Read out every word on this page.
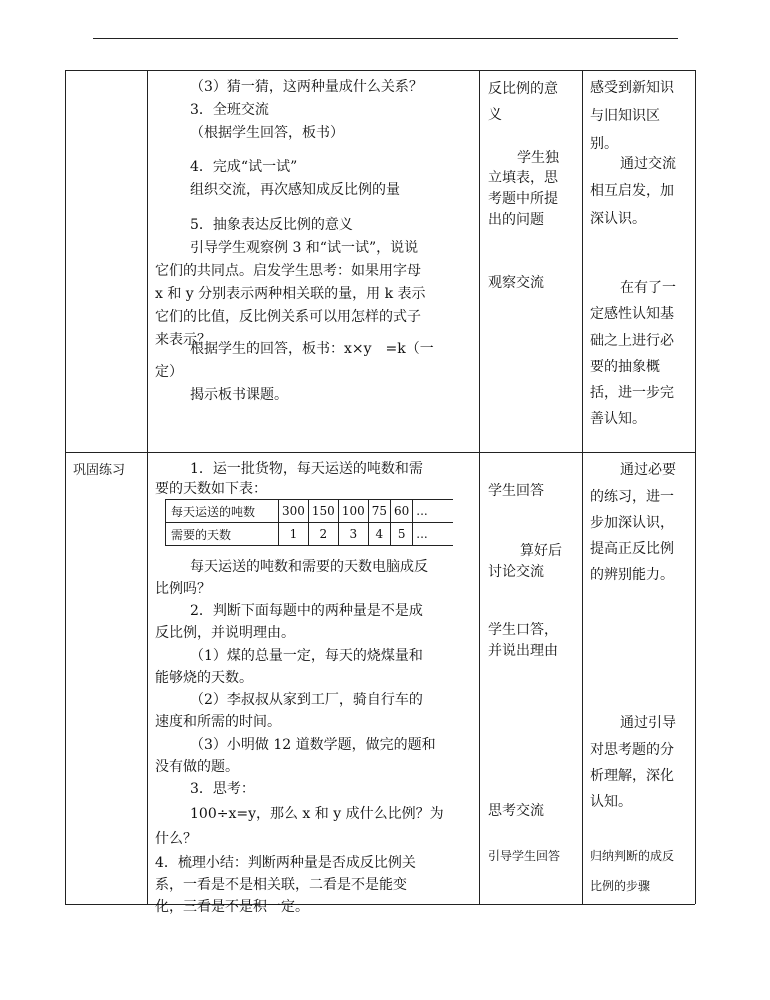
（3）猜一猜，这两种量成什么关系？
3．全班交流
（根据学生回答，板书）
4．完成“试一试”
组织交流，再次感知成反比例的量
5．抽象表达反比例的意义
引导学生观察例 3 和“试一试”，说说
它们的共同点。启发学生思考：如果用字母
x 和 y 分别表示两种相关联的量，用 k 表示
它们的比值，反比例关系可以用怎样的式子
来表示？
根据学生的回答，板书：x×y　=k（一
定）
揭示板书课题。
反比例的意
义
学生独
立填表，思
考题中所提
出的问题
观察交流
感受到新知识
与旧知识区
别。
通过交流
相互启发，加
深认识。
在有了一
定感性认知基
础之上进行必
要的抽象概
括，进一步完
善认知。
巩固练习	1．运一批货物，每天运送的吨数和需
要的天数如下表：
每天运送的吨数	300	150	100	75	60	...
需要的天数	1	2	3	4	5	...
每天运送的吨数和需要的天数电脑成反
比例吗？
2．判断下面每题中的两种量是不是成
反比例，并说明理由。
（1）煤的总量一定，每天的烧煤量和
能够烧的天数。
（2）李叔叔从家到工厂，骑自行车的
速度和所需的时间。
（3）小明做 12 道数学题，做完的题和
没有做的题。
3．思考：
100÷x=y，那么 x 和 y 成什么比例？为
什么？
4．梳理小结：判断两种量是否成反比例关
系，一看是不是相关联，二看是不是能变
化，三看是不是积一定。
学生回答
算好后
讨论交流
学生口答，
并说出理由
思考交流
引导学生回答
通过必要
的练习，进一
步加深认识，
提高正反比例
的辨别能力。
通过引导
对思考题的分
析理解，深化
认知。
归纳判断的成反
比例的步骤
